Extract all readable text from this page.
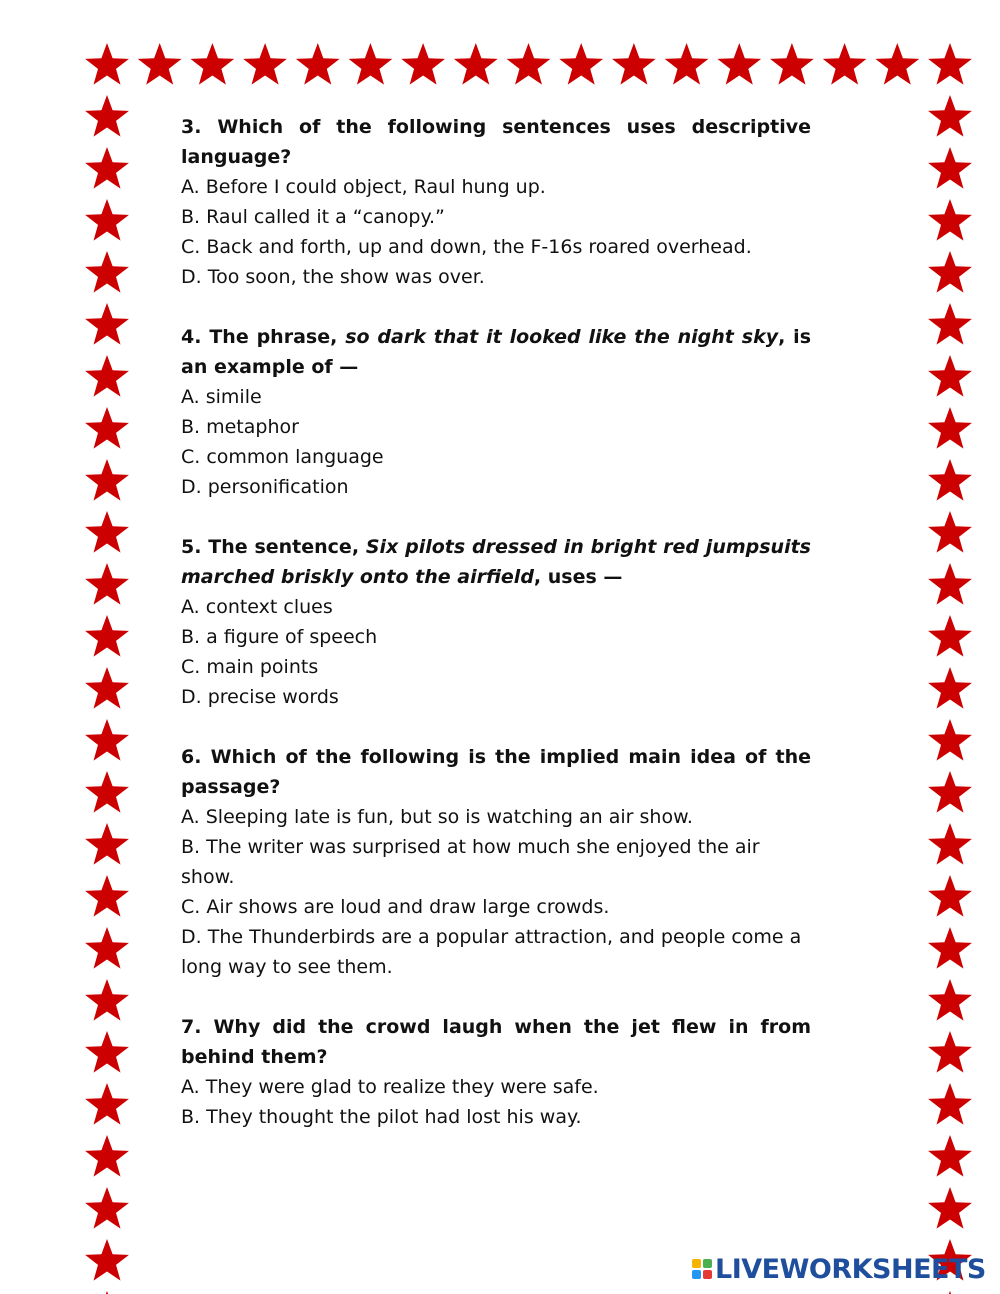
3. Which of the following sentences uses descriptive language?
A. Before I could object, Raul hung up.
B. Raul called it a “canopy.”
C. Back and forth, up and down, the F-16s roared overhead.
D. Too soon, the show was over.
4. The phrase, so dark that it looked like the night sky, is an example of —
A. simile
B. metaphor
C. common language
D. personification
5. The sentence, Six pilots dressed in bright red jumpsuits marched briskly onto the airfield, uses —
A. context clues
B. a figure of speech
C. main points
D. precise words
6. Which of the following is the implied main idea of the passage?
A. Sleeping late is fun, but so is watching an air show.
B. The writer was surprised at how much she enjoyed the air show.
C. Air shows are loud and draw large crowds.
D. The Thunderbirds are a popular attraction, and people come a long way to see them.
7. Why did the crowd laugh when the jet flew in from behind them?
A. They were glad to realize they were safe.
B. They thought the pilot had lost his way.
LIVEWORKSHEETS
